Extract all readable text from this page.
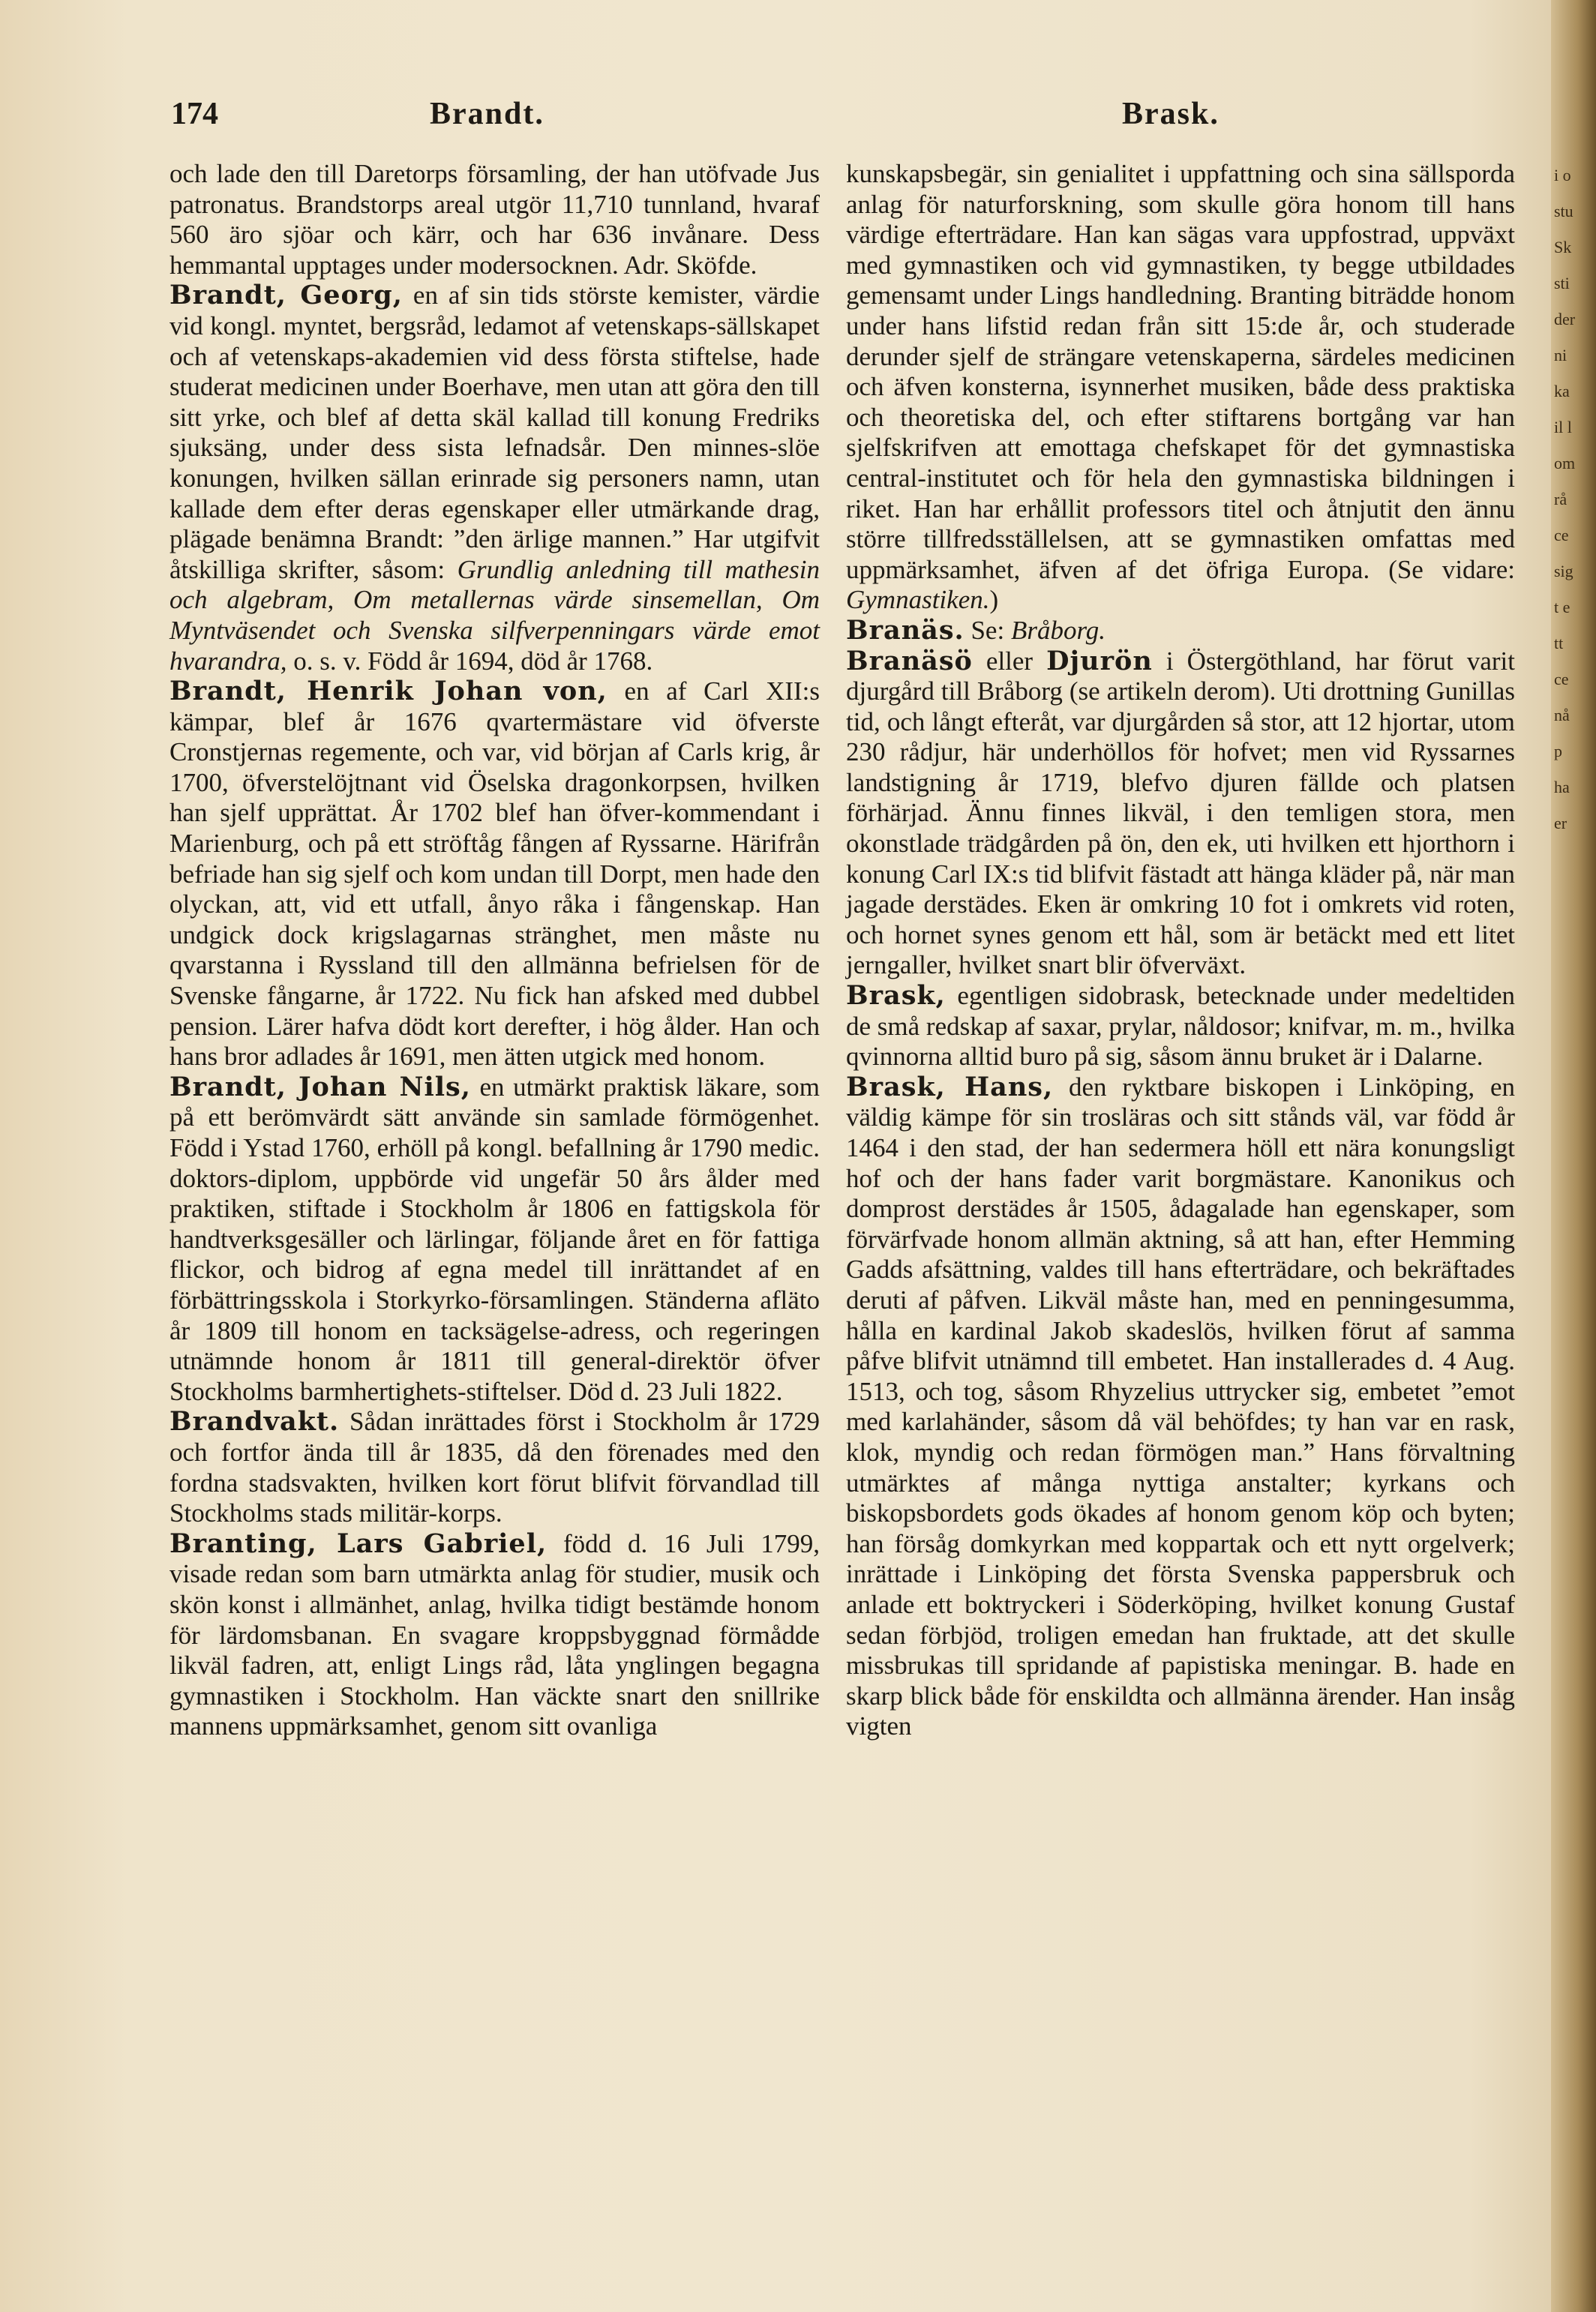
i o
stu
Sk
sti
der
ni
ka
il l
om
rå
ce
sig
t e
tt
ce
nå
p
ha
er
174	Brandt.	Brask.

och lade den till Daretorps församling, der han utöfvade Jus patronatus. Brandstorps areal utgör 11,710 tunnland, hvaraf 560 äro sjöar och kärr, och har 636 invånare. Dess hemmantal upptages under modersocknen. Adr. Sköfde.

Brandt, Georg, en af sin tids störste kemister, värdie vid kongl. myntet, bergsråd, ledamot af vetenskaps-sällskapet och af vetenskaps-akademien vid dess första stiftelse, hade studerat medicinen under Boerhave, men utan att göra den till sitt yrke, och blef af detta skäl kallad till konung Fredriks sjuksäng, under dess sista lefnadsår. Den minnes-slöe konungen, hvilken sällan erinrade sig personers namn, utan kallade dem efter deras egenskaper eller utmärkande drag, plägade benämna Brandt: ”den ärlige mannen.” Har utgifvit åtskilliga skrifter, såsom: Grundlig anledning till mathesin och algebram, Om metallernas värde sinsemellan, Om Myntväsendet och Svenska silfverpenningars värde emot hvarandra, o. s. v. Född år 1694, död år 1768.

Brandt, Henrik Johan von, en af Carl XII:s kämpar, blef år 1676 qvartermästare vid öfverste Cronstjernas regemente, och var, vid början af Carls krig, år 1700, öfverstelöjtnant vid Öselska dragonkorpsen, hvilken han sjelf upprättat. År 1702 blef han öfver-kommendant i Marienburg, och på ett ströftåg fången af Ryssarne. Härifrån befriade han sig sjelf och kom undan till Dorpt, men hade den olyckan, att, vid ett utfall, ånyo råka i fångenskap. Han undgick dock krigslagarnas stränghet, men måste nu qvarstanna i Ryssland till den allmänna befrielsen för de Svenske fångarne, år 1722. Nu fick han afsked med dubbel pension. Lärer hafva dödt kort derefter, i hög ålder. Han och hans bror adlades år 1691, men ätten utgick med honom.

Brandt, Johan Nils, en utmärkt praktisk läkare, som på ett berömvärdt sätt använde sin samlade förmögenhet. Född i Ystad 1760, erhöll på kongl. befallning år 1790 medic. doktors-diplom, uppbörde vid ungefär 50 års ålder med praktiken, stiftade i Stockholm år 1806 en fattigskola för handtverksgesäller och lärlingar, följande året en för fattiga flickor, och bidrog af egna medel till inrättandet af en förbättringsskola i Storkyrko-församlingen. Ständerna afläto år 1809 till honom en tacksägelse-adress, och regeringen utnämnde honom år 1811 till general-direktör öfver Stockholms barmhertighets-stiftelser. Död d. 23 Juli 1822.

Brandvakt. Sådan inrättades först i Stockholm år 1729 och fortfor ända till år 1835, då den förenades med den fordna stadsvakten, hvilken kort förut blifvit förvandlad till Stockholms stads militär-korps.

Branting, Lars Gabriel, född d. 16 Juli 1799, visade redan som barn utmärkta anlag för studier, musik och skön konst i allmänhet, anlag, hvilka tidigt bestämde honom för lärdomsbanan. En svagare kroppsbyggnad förmådde likväl fadren, att, enligt Lings råd, låta ynglingen begagna gymnastiken i Stockholm. Han väckte snart den snillrike mannens uppmärksamhet, genom sitt ovanliga

kunskapsbegär, sin genialitet i uppfattning och sina sällsporda anlag för naturforskning, som skulle göra honom till hans värdige efterträdare. Han kan sägas vara uppfostrad, uppväxt med gymnastiken och vid gymnastiken, ty begge utbildades gemensamt under Lings handledning. Branting biträdde honom under hans lifstid redan från sitt 15:de år, och studerade derunder sjelf de strängare vetenskaperna, särdeles medicinen och äfven konsterna, isynnerhet musiken, både dess praktiska och theoretiska del, och efter stiftarens bortgång var han sjelfskrifven att emottaga chefskapet för det gymnastiska central-institutet och för hela den gymnastiska bildningen i riket. Han har erhållit professors titel och åtnjutit den ännu större tillfredsställelsen, att se gymnastiken omfattas med uppmärksamhet, äfven af det öfriga Europa. (Se vidare: Gymnastiken.)

Branäs. Se: Bråborg.

Branäsö eller Djurön i Östergöthland, har förut varit djurgård till Bråborg (se artikeln derom). Uti drottning Gunillas tid, och långt efteråt, var djurgården så stor, att 12 hjortar, utom 230 rådjur, här underhöllos för hofvet; men vid Ryssarnes landstigning år 1719, blefvo djuren fällde och platsen förhärjad. Ännu finnes likväl, i den temligen stora, men okonstlade trädgården på ön, den ek, uti hvilken ett hjorthorn i konung Carl IX:s tid blifvit fästadt att hänga kläder på, när man jagade derstädes. Eken är omkring 10 fot i omkrets vid roten, och hornet synes genom ett hål, som är betäckt med ett litet jerngaller, hvilket snart blir öfverväxt.

Brask, egentligen sidobrask, betecknade under medeltiden de små redskap af saxar, prylar, nåldosor; knifvar, m. m., hvilka qvinnorna alltid buro på sig, såsom ännu bruket är i Dalarne.

Brask, Hans, den ryktbare biskopen i Linköping, en väldig kämpe för sin trosläras och sitt stånds väl, var född år 1464 i den stad, der han sedermera höll ett nära konungsligt hof och der hans fader varit borgmästare. Kanonikus och domprost derstädes år 1505, ådagalade han egenskaper, som förvärfvade honom allmän aktning, så att han, efter Hemming Gadds afsättning, valdes till hans efterträdare, och bekräftades deruti af påfven. Likväl måste han, med en penningesumma, hålla en kardinal Jakob skadeslös, hvilken förut af samma påfve blifvit utnämnd till embetet. Han installerades d. 4 Aug. 1513, och tog, såsom Rhyzelius uttrycker sig, embetet ”emot med karlahänder, såsom då väl behöfdes; ty han var en rask, klok, myndig och redan förmögen man.” Hans förvaltning utmärktes af många nyttiga anstalter; kyrkans och biskopsbordets gods ökades af honom genom köp och byten; han försåg domkyrkan med koppartak och ett nytt orgelverk; inrättade i Linköping det första Svenska pappersbruk och anlade ett boktryckeri i Söderköping, hvilket konung Gustaf sedan förbjöd, troligen emedan han fruktade, att det skulle missbrukas till spridande af papistiska meningar. B. hade en skarp blick både för enskildta och allmänna ärender. Han insåg vigten
